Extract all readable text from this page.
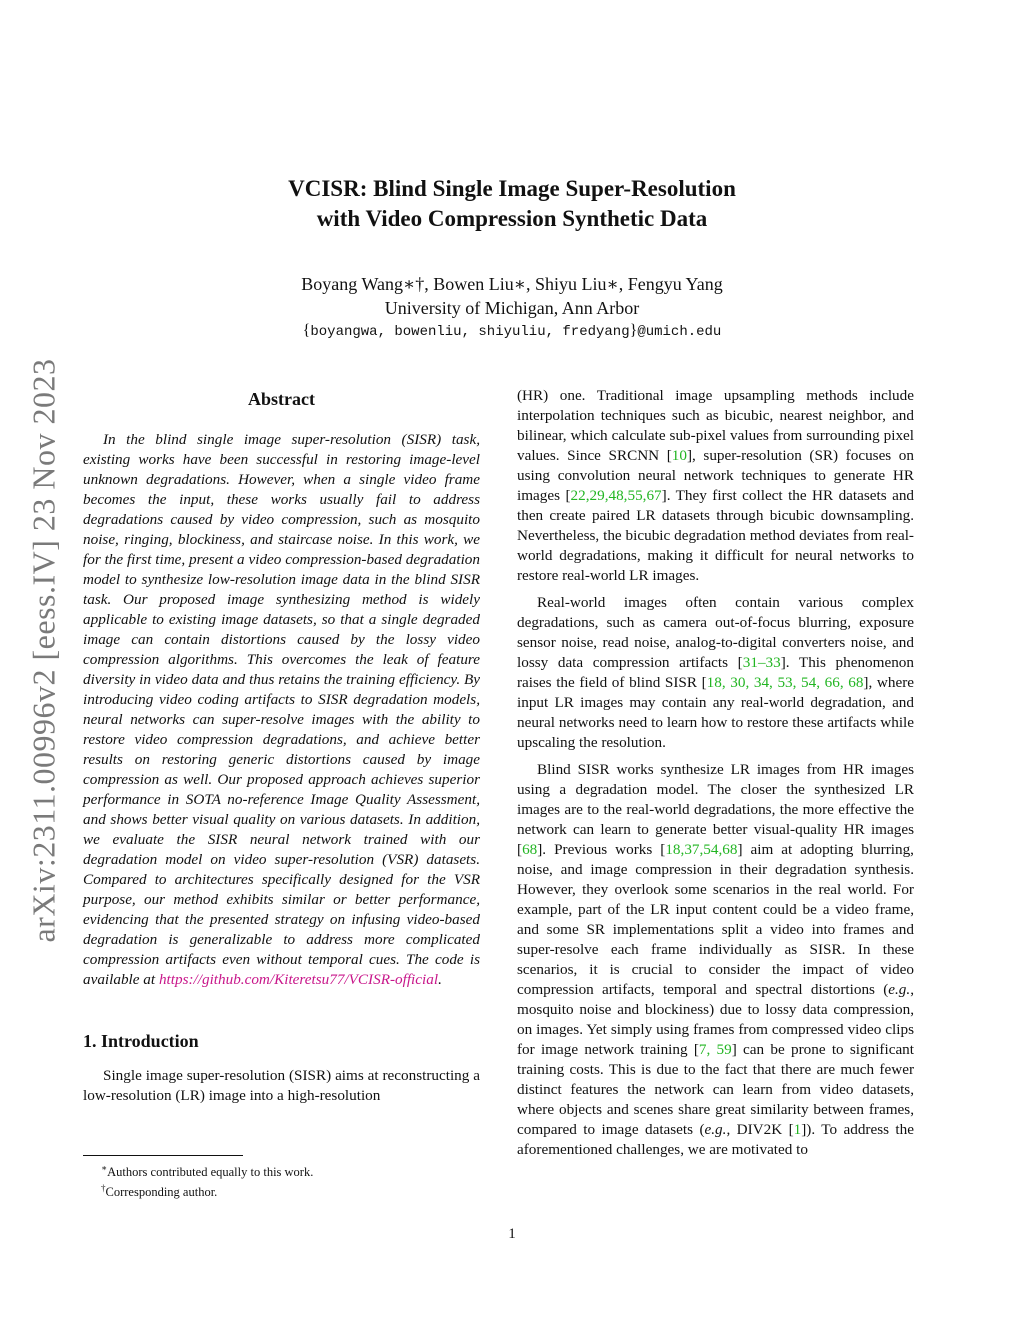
arXiv:2311.00996v2 [eess.IV] 23 Nov 2023
VCISR: Blind Single Image Super-Resolution
with Video Compression Synthetic Data
Boyang Wang∗†, Bowen Liu∗, Shiyu Liu∗, Fengyu Yang
University of Michigan, Ann Arbor
{boyangwa, bowenliu, shiyuliu, fredyang}@umich.edu
Abstract

In the blind single image super-resolution (SISR) task, existing works have been successful in restoring image-level unknown degradations. However, when a single video frame becomes the input, these works usually fail to address degradations caused by video compression, such as mosquito noise, ringing, blockiness, and staircase noise. In this work, we for the first time, present a video compression-based degradation model to synthesize low-resolution image data in the blind SISR task. Our proposed image synthesizing method is widely applicable to existing image datasets, so that a single degraded image can contain distortions caused by the lossy video compression algorithms. This overcomes the leak of feature diversity in video data and thus retains the training efficiency. By introducing video coding artifacts to SISR degradation models, neural networks can super-resolve images with the ability to restore video compression degradations, and achieve better results on restoring generic distortions caused by image compression as well. Our proposed approach achieves superior performance in SOTA no-reference Image Quality Assessment, and shows better visual quality on various datasets. In addition, we evaluate the SISR neural network trained with our degradation model on video super-resolution (VSR) datasets. Compared to architectures specifically designed for the VSR purpose, our method exhibits similar or better performance, evidencing that the presented strategy on infusing video-based degradation is generalizable to address more complicated compression artifacts even without temporal cues. The code is available at https://github.com/Kiteretsu77/VCISR-official.

1. Introduction

Single image super-resolution (SISR) aims at reconstructing a low-resolution (LR) image into a high-resolution

(HR) one. Traditional image upsampling methods include interpolation techniques such as bicubic, nearest neighbor, and bilinear, which calculate sub-pixel values from surrounding pixel values. Since SRCNN [10], super-resolution (SR) focuses on using convolution neural network techniques to generate HR images [22,29,48,55,67]. They first collect the HR datasets and then create paired LR datasets through bicubic downsampling. Nevertheless, the bicubic degradation method deviates from real-world degradations, making it difficult for neural networks to restore real-world LR images.

Real-world images often contain various complex degradations, such as camera out-of-focus blurring, exposure sensor noise, read noise, analog-to-digital converters noise, and lossy data compression artifacts [31–33]. This phenomenon raises the field of blind SISR [18, 30, 34, 53, 54, 66, 68], where input LR images may contain any real-world degradation, and neural networks need to learn how to restore these artifacts while upscaling the resolution.

Blind SISR works synthesize LR images from HR images using a degradation model. The closer the synthesized LR images are to the real-world degradations, the more effective the network can learn to generate better visual-quality HR images [68]. Previous works [18,37,54,68] aim at adopting blurring, noise, and image compression in their degradation synthesis. However, they overlook some scenarios in the real world. For example, part of the LR input content could be a video frame, and some SR implementations split a video into frames and super-resolve each frame individually as SISR. In these scenarios, it is crucial to consider the impact of video compression artifacts, temporal and spectral distortions (e.g., mosquito noise and blockiness) due to lossy data compression, on images. Yet simply using frames from compressed video clips for image network training [7, 59] can be prone to significant training costs. This is due to the fact that there are much fewer distinct features the network can learn from video datasets, where objects and scenes share great similarity between frames, compared to image datasets (e.g., DIV2K [1]). To address the aforementioned challenges, we are motivated to

∗Authors contributed equally to this work.
†Corresponding author.
1
